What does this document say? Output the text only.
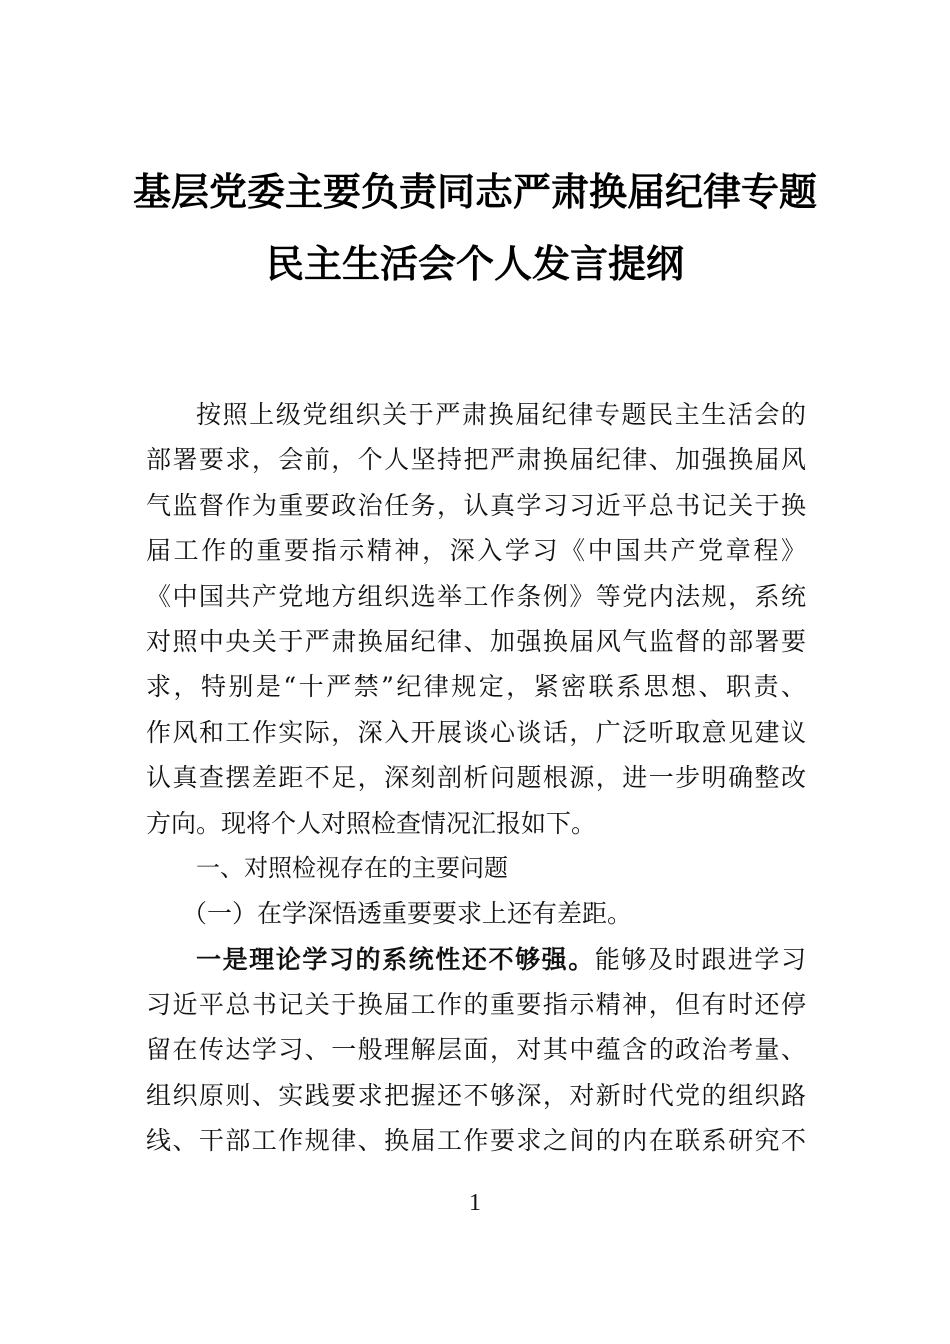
基层党委主要负责同志严肃换届纪律专题
民主生活会个人发言提纲
按照上级党组织关于严肃换届纪律专题民主生活会的
部署要求，会前，个人坚持把严肃换届纪律、加强换届风
气监督作为重要政治任务，认真学习习近平总书记关于换
届工作的重要指示精神，深入学习《中国共产党章程》
《中国共产党地方组织选举工作条例》等党内法规，系统
对照中央关于严肃换届纪律、加强换届风气监督的部署要
求，特别是“十严禁”纪律规定，紧密联系思想、职责、
作风和工作实际，深入开展谈心谈话，广泛听取意见建议
认真查摆差距不足，深刻剖析问题根源，进一步明确整改
方向。现将个人对照检查情况汇报如下。
一、对照检视存在的主要问题
（一）在学深悟透重要要求上还有差距。
一是理论学习的系统性还不够强。能够及时跟进学习
习近平总书记关于换届工作的重要指示精神，但有时还停
留在传达学习、一般理解层面，对其中蕴含的政治考量、
组织原则、实践要求把握还不够深，对新时代党的组织路
线、干部工作规律、换届工作要求之间的内在联系研究不
1
